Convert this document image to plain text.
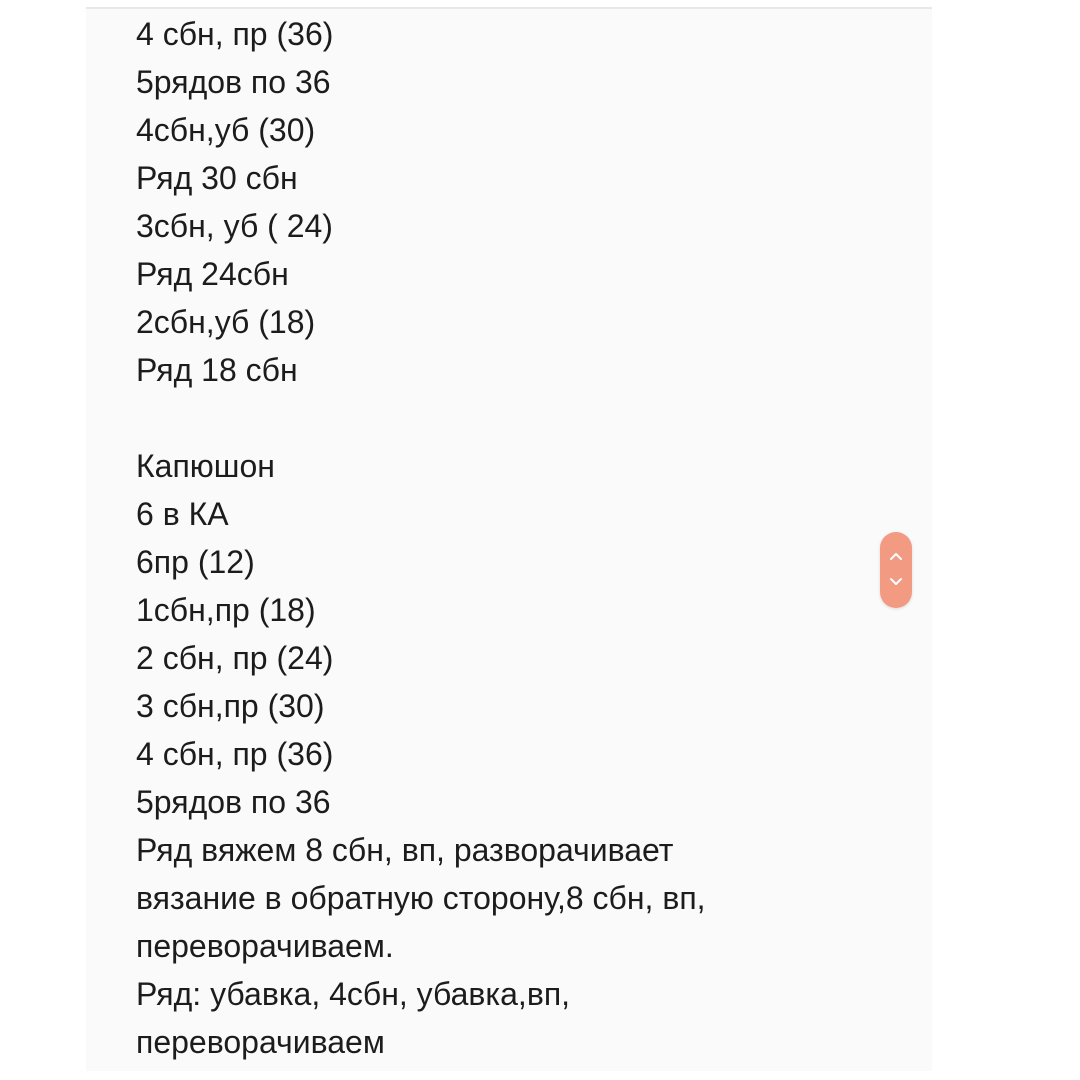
4 сбн, пр (36)
5рядов по 36
4сбн,уб (30)
Ряд 30 сбн
3сбн, уб ( 24)
Ряд 24сбн
2сбн,уб (18)
Ряд 18 сбн
Капюшон
6 в КА
6пр (12)
1сбн,пр (18)
2 сбн, пр (24)
3 сбн,пр (30)
4 сбн, пр (36)
5рядов по 36
Ряд вяжем 8 сбн, вп, разворачивает
вязание в обратную сторону,8 сбн, вп,
переворачиваем.
Ряд: убавка, 4сбн, убавка,вп,
переворачиваем
